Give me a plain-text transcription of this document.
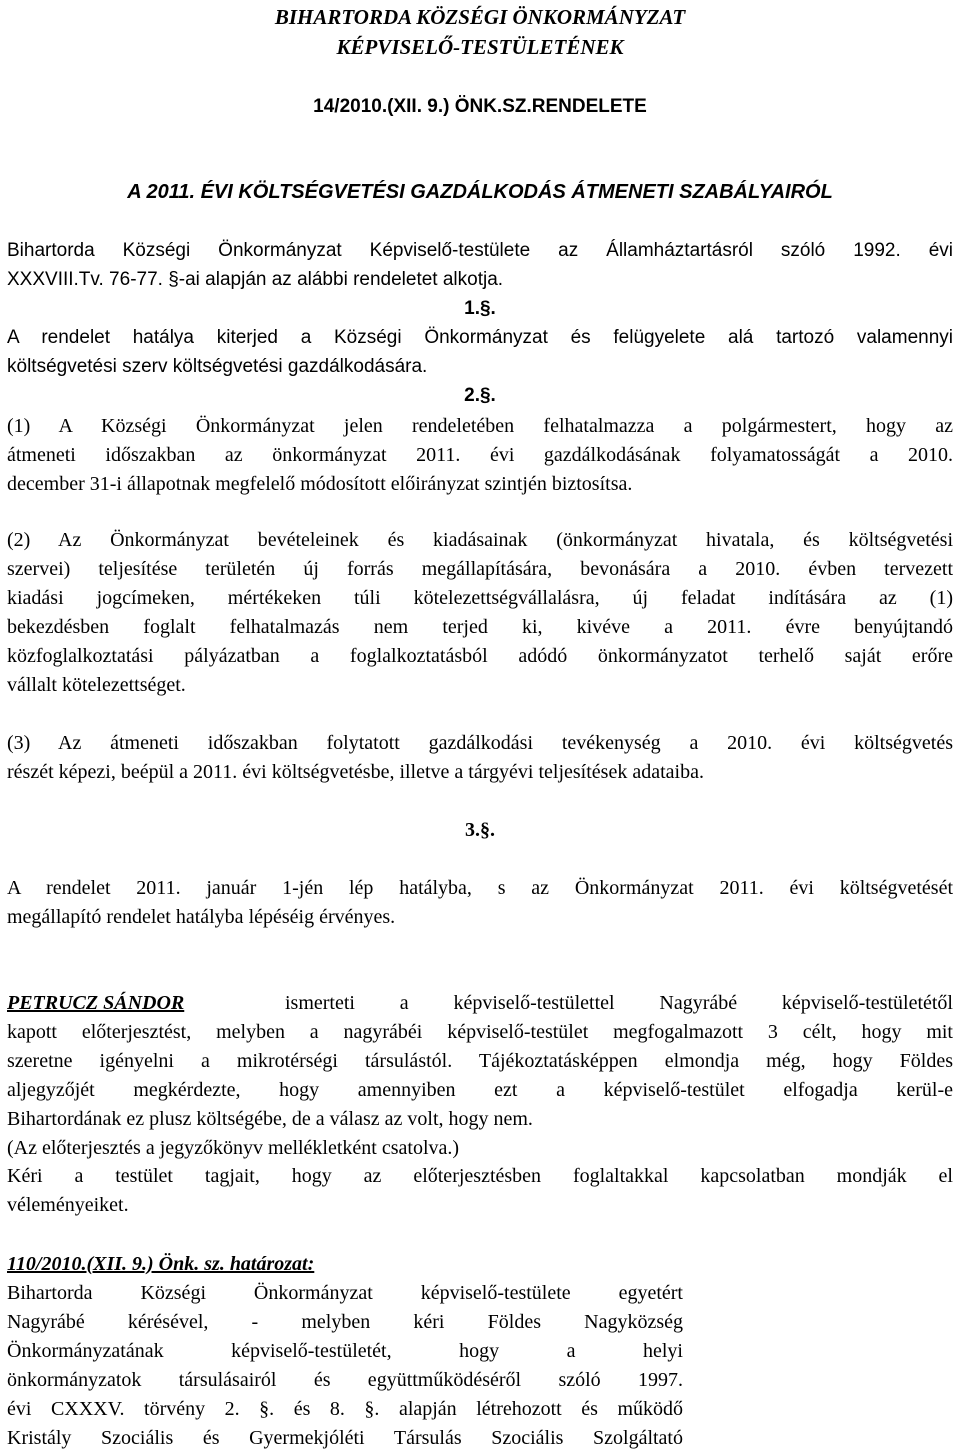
BIHARTORDA KÖZSÉGI ÖNKORMÁNYZAT
KÉPVISELŐ-TESTÜLETÉNEK
14/2010.(XII. 9.) ÖNK.SZ.RENDELETE
A 2011. ÉVI KÖLTSÉGVETÉSI GAZDÁLKODÁS ÁTMENETI SZABÁLYAIRÓL
Bihartorda Községi Önkormányzat Képviselő-testülete az Államháztartásról szóló 1992. évi
XXXVIII.Tv. 76-77. §-ai alapján az alábbi rendeletet alkotja.
1.§.
A rendelet hatálya kiterjed a Községi Önkormányzat és felügyelete alá tartozó valamennyi
költségvetési szerv költségvetési gazdálkodására.
2.§.
(1) A Községi Önkormányzat jelen rendeletében felhatalmazza a polgármestert, hogy az
átmeneti időszakban az önkormányzat 2011. évi gazdálkodásának folyamatosságát a 2010.
december 31-i állapotnak megfelelő módosított előirányzat szintjén biztosítsa.
(2) Az Önkormányzat bevételeinek és kiadásainak (önkormányzat hivatala, és költségvetési
szervei) teljesítése területén új forrás megállapítására, bevonására a 2010. évben tervezett
kiadási jogcímeken, mértékeken túli kötelezettségvállalásra, új feladat indítására az (1)
bekezdésben foglalt felhatalmazás nem terjed ki, kivéve a 2011. évre benyújtandó
közfoglalkoztatási pályázatban a foglalkoztatásból adódó önkormányzatot terhelő saját erőre
vállalt kötelezettséget.
(3) Az átmeneti időszakban folytatott gazdálkodási tevékenység a 2010. évi költségvetés
részét képezi, beépül a 2011. évi költségvetésbe, illetve a tárgyévi teljesítések adataiba.
3.§.
A rendelet 2011. január 1-jén lép hatályba, s az Önkormányzat 2011. évi költségvetését
megállapító rendelet hatályba lépéséig érvényes.
PETRUCZ SÁNDOR	ismerteti a képviselő-testülettel Nagyrábé képviselő-testületétől
kapott előterjesztést, melyben a nagyrábéi képviselő-testület megfogalmazott 3 célt, hogy mit
szeretne igényelni a mikrotérségi társulástól. Tájékoztatásképpen elmondja még, hogy Földes
aljegyzőjét megkérdezte, hogy amennyiben ezt a képviselő-testület elfogadja kerül-e
Bihartordának ez plusz költségébe, de a válasz az volt, hogy nem.
(Az előterjesztés a jegyzőkönyv mellékletként csatolva.)
Kéri a testület tagjait, hogy az előterjesztésben foglaltakkal kapcsolatban mondják el
véleményeiket.
110/2010.(XII. 9.) Önk. sz. határozat:
Bihartorda Községi Önkormányzat képviselő-testülete egyetért
Nagyrábé kérésével, - melyben kéri Földes Nagyközség
Önkormányzatának képviselő-testületét, hogy a helyi
önkormányzatok társulásairól és együttműködéséről szóló 1997.
évi CXXXV. törvény 2. §. és 8. §. alapján létrehozott és működő
Kristály Szociális és Gyermekjóléti Társulás Szociális Szolgáltató
